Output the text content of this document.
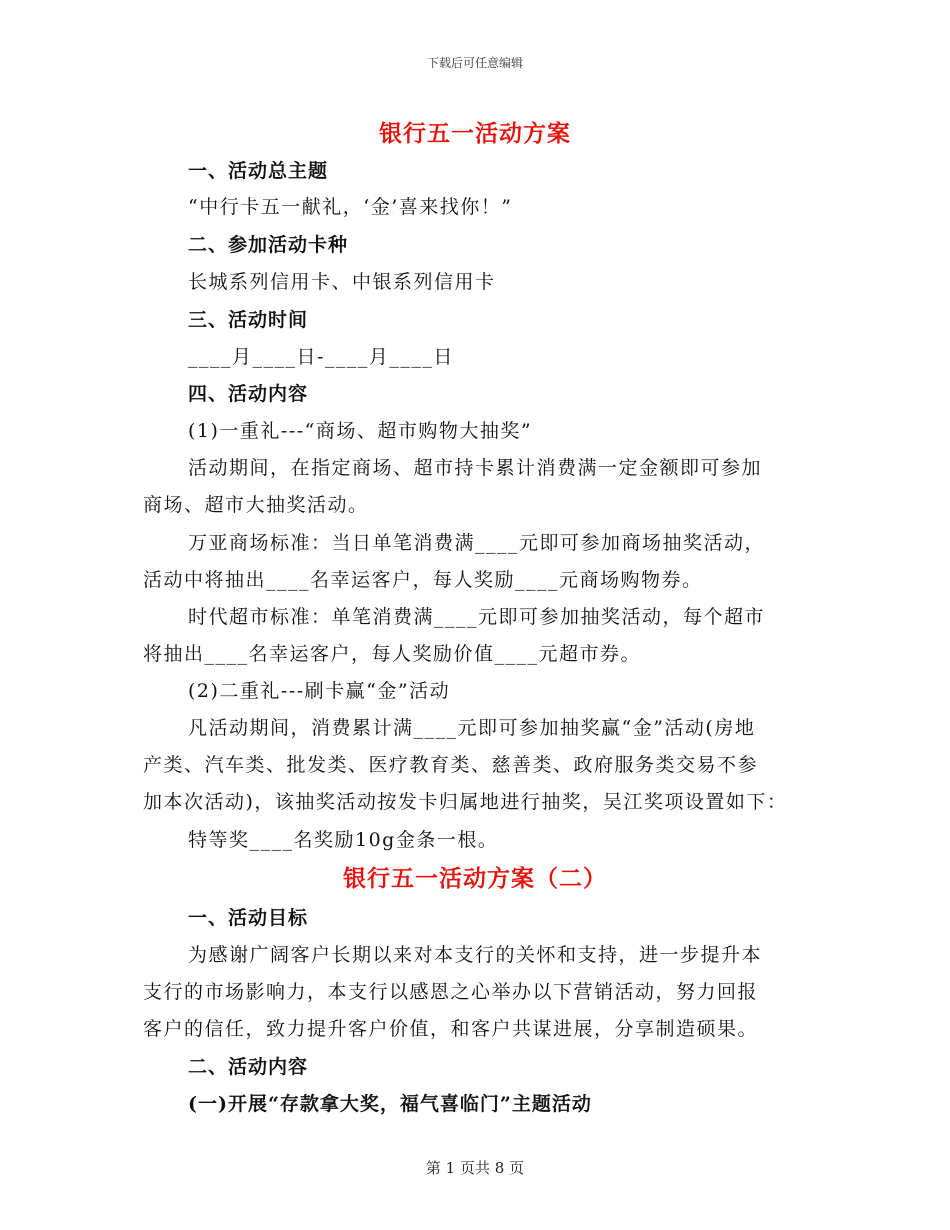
下载后可任意编辑
银行五一活动方案
一、活动总主题
“中行卡五一献礼，‘金’喜来找你！”
二、参加活动卡种
长城系列信用卡、中银系列信用卡
三、活动时间
____月____日-____月____日
四、活动内容
(1)一重礼---“商场、超市购物大抽奖”
活动期间，在指定商场、超市持卡累计消费满一定金额即可参加
商场、超市大抽奖活动。
万亚商场标准：当日单笔消费满____元即可参加商场抽奖活动，
活动中将抽出____名幸运客户，每人奖励____元商场购物券。
时代超市标准：单笔消费满____元即可参加抽奖活动，每个超市
将抽出____名幸运客户，每人奖励价值____元超市券。
(2)二重礼---刷卡赢“金”活动
凡活动期间，消费累计满____元即可参加抽奖赢“金”活动(房地
产类、汽车类、批发类、医疗教育类、慈善类、政府服务类交易不参
加本次活动)，该抽奖活动按发卡归属地进行抽奖，吴江奖项设置如下：
特等奖____名奖励10g金条一根。
银行五一活动方案（二）
一、活动目标
为感谢广阔客户长期以来对本支行的关怀和支持，进一步提升本
支行的市场影响力，本支行以感恩之心举办以下营销活动，努力回报
客户的信任，致力提升客户价值，和客户共谋进展，分享制造硕果。
二、活动内容
(一)开展“存款拿大奖，福气喜临门”主题活动
第 1 页共 8 页
